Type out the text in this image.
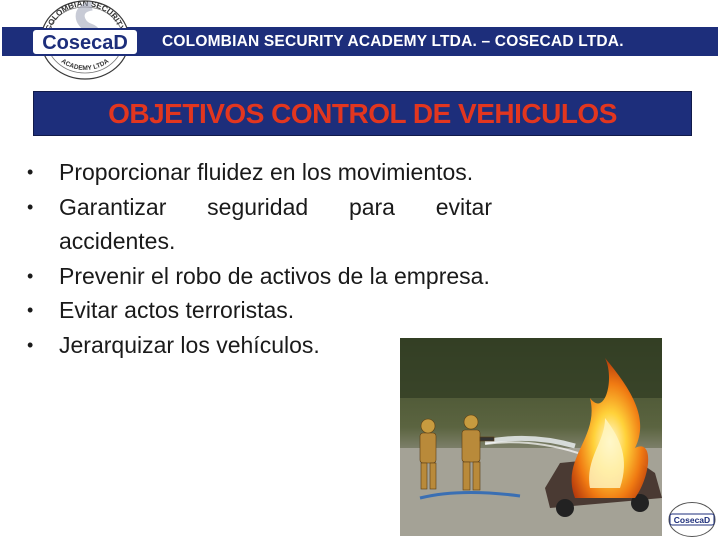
COLOMBIAN SECURITY ACADEMY LTDA. – COSECAD LTDA.
OLOMBIAN SECURIT
ACADEMY LTDA
CosecaD
OBJETIVOS CONTROL DE VEHICULOS
• Proporcionar fluidez en los movimientos.
• Garantizar seguridad para evitar accidentes.
• Prevenir el robo de activos de la empresa.
• Evitar actos terroristas.
• Jerarquizar los vehículos.
CosecaD
